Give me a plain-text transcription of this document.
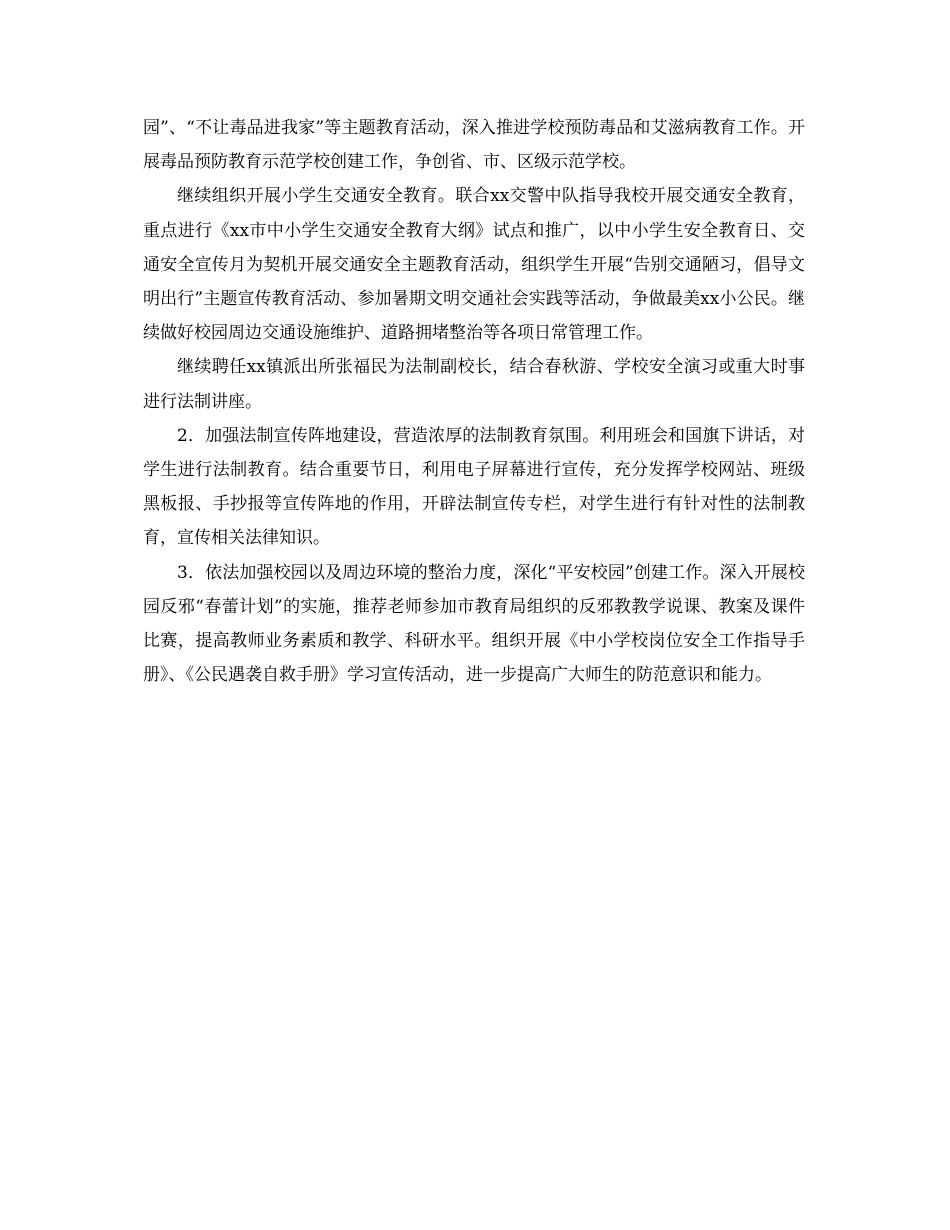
园”、“不让毒品进我家”等主题教育活动，深入推进学校预防毒品和艾滋病教育工作。开展毒品预防教育示范学校创建工作，争创省、市、区级示范学校。

继续组织开展小学生交通安全教育。联合xx交警中队指导我校开展交通安全教育，重点进行《xx市中小学生交通安全教育大纲》试点和推广，以中小学生安全教育日、交通安全宣传月为契机开展交通安全主题教育活动，组织学生开展“告别交通陋习，倡导文明出行”主题宣传教育活动、参加暑期文明交通社会实践等活动，争做最美xx小公民。继续做好校园周边交通设施维护、道路拥堵整治等各项日常管理工作。

继续聘任xx镇派出所张福民为法制副校长，结合春秋游、学校安全演习或重大时事进行法制讲座。

2．加强法制宣传阵地建设，营造浓厚的法制教育氛围。利用班会和国旗下讲话，对学生进行法制教育。结合重要节日，利用电子屏幕进行宣传，充分发挥学校网站、班级黑板报、手抄报等宣传阵地的作用，开辟法制宣传专栏，对学生进行有针对性的法制教育，宣传相关法律知识。

3．依法加强校园以及周边环境的整治力度，深化“平安校园”创建工作。深入开展校园反邪“春蕾计划”的实施，推荐老师参加市教育局组织的反邪教教学说课、教案及课件比赛，提高教师业务素质和教学、科研水平。组织开展《中小学校岗位安全工作指导手册》、《公民遇袭自救手册》学习宣传活动，进一步提高广大师生的防范意识和能力。
